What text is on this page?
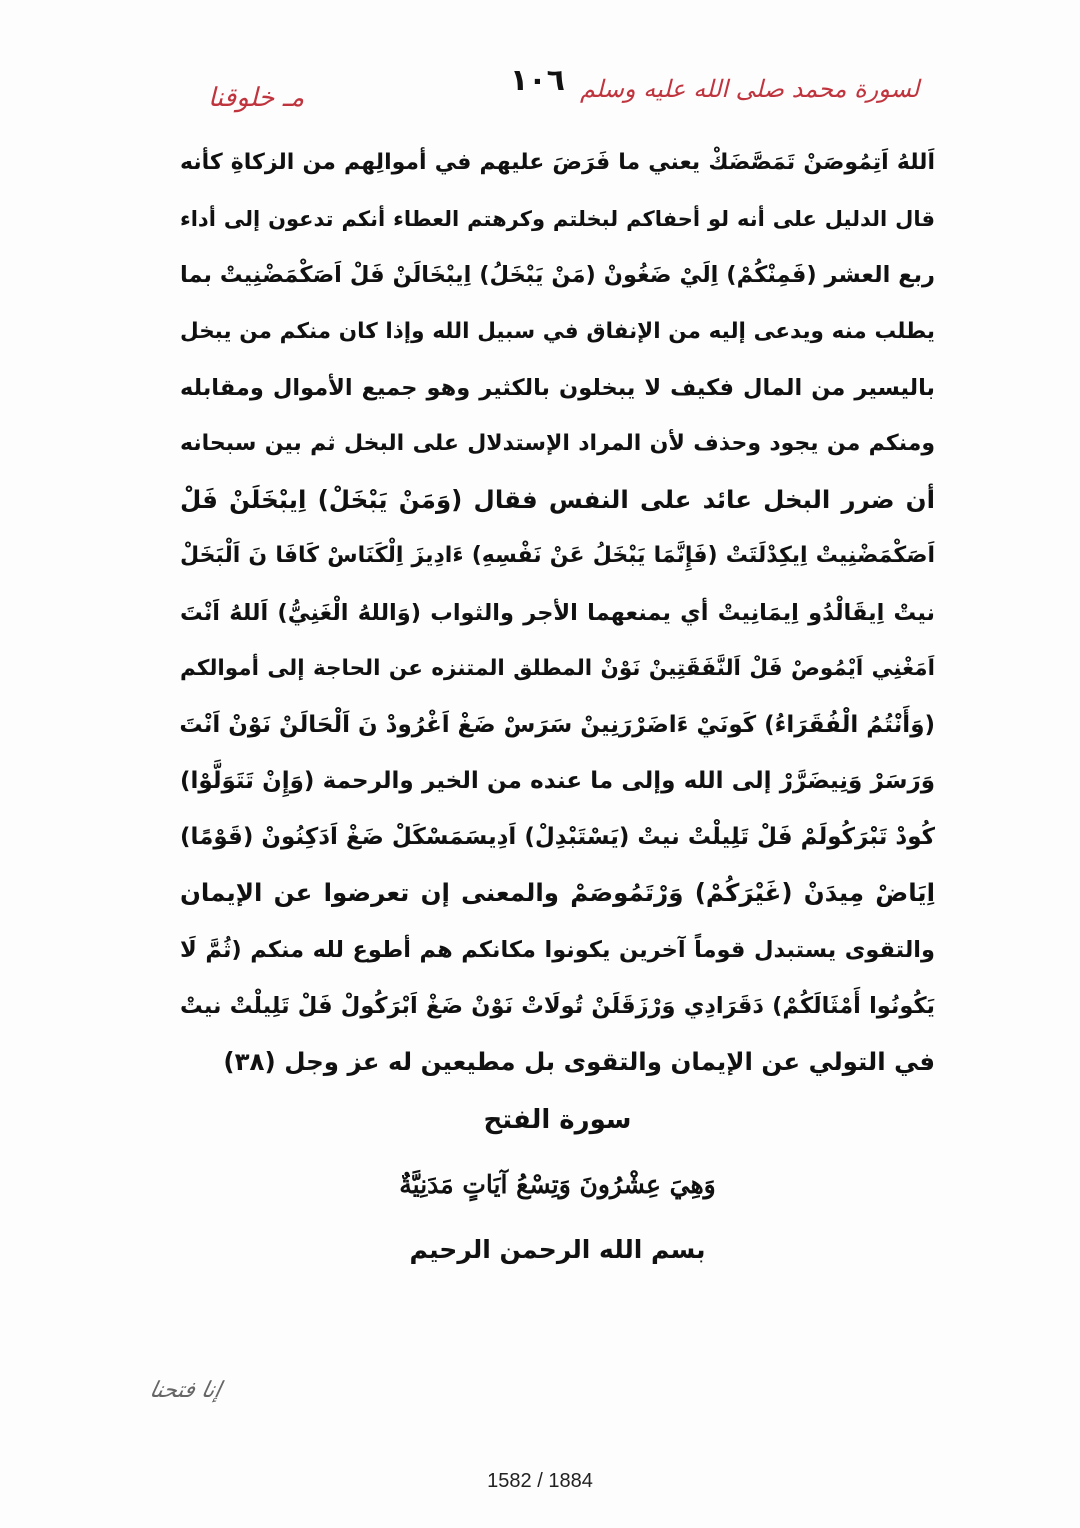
مـ خلوقنا	١٠٦ لسورة محمد صلى الله عليه وسلم
اَللهُ اَتِمُوصَنْ تَمَصَّضَكْ يعني ما فَرَضَ عليهم في أموالِهم من الزكاةِ كأنه
قال الدليل على أنه لو أحفاكم لبخلتم وكرهتم العطاء أنكم تدعون إلى أداء
ربع العشر (فَمِنْكُمْ) اِلَيْ ضَغُونْ (مَنْ يَبْخَلُ) اِيبْخَالَنْ فَلْ اَصَكْمَضْنِيتْ بما
يطلب منه ويدعى إليه من الإنفاق في سبيل الله وإذا كان منكم من يبخل
باليسير من المال فكيف لا يبخلون بالكثير وهو جميع الأموال ومقابله
ومنكم من يجود وحذف لأن المراد الإستدلال على البخل ثم بين سبحانه
أن ضرر البخل عائد على النفس فقال (وَمَنْ يَبْخَلْ) اِيبْخَلَنْ فَلْ
اَصَكْمَضْنِيتْ اِيكِدْلَتَتْ (فَإِنَّمَا يَبْخَلُ عَنْ نَفْسِهِ) ءَادِيزَ اِلْكَنَاسْ كَافَا نَ اَلْبَخَلْ
نيتْ اِيقَالْدُو اِيمَانِيتْ أي يمنعهما الأجر والثواب (وَاللهُ الْغَنِيُّ) اَللهُ اَنْتَ
اَمَغْنِي اَيْمُوصْ فَلْ اَلنَّفَقَتِينْ نَوْنْ المطلق المتنزه عن الحاجة إلى أموالكم
(وَأَنْتُمُ الْفُقَرَاءُ) كَونَيْ ءَاضَرْرَنِينْ سَرَسْ ضَغْ اَغْرُودْ نَ اَلْحَالَنْ نَوْنْ اَنْتَ
وَرَسَرْ وَنِيضَرَّرْ إلى الله وإلى ما عنده من الخير والرحمة (وَإِنْ تَتَوَلَّوْا)
كُودْ تَبْرَكُولَمْ فَلْ تَلِيلْتْ نيتْ (يَسْتَبْدِلْ) اَدِيسَمَسْكَلْ ضَغْ اَدَكِنُونْ (قَوْمًا)
اِيَاضْ مِيدَنْ (غَيْرَكُمْ) وَرْتَمُوصَمْ والمعنى إن تعرضوا عن الإيمان
والتقوى يستبدل قوماً آخرين يكونوا مكانكم هم أطوع لله منكم (ثُمَّ لَا
يَكُونُوا أَمْثَالَكُمْ) دَقَرَادِي وَرْزَقَلَنْ تُولَاتْ نَوْنْ ضَغْ اَبْرَكُولْ فَلْ تَلِيلْتْ نيتْ
في التولي عن الإيمان والتقوى بل مطيعين له عز وجل (٣٨)
سورة الفتح
وَهِيَ عِشْرُونَ وَتِسْعُ آيَاتٍ مَدَنِيَّةٌ
بسم الله الرحمن الرحيم
إنا فتحنا
1582 / 1884
